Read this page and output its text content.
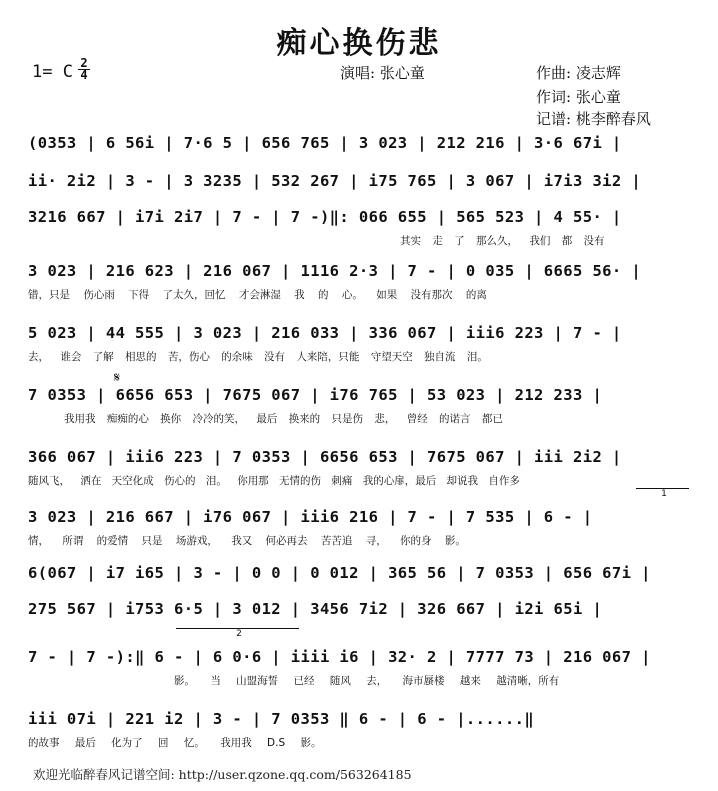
痴心换伤悲
1= C 2
4	演唱: 张心童	作曲: 凌志辉
作词: 张心童
记谱: 桃李醉春风
(0353 | 6 56i | 7·6 5 | 656 765 | 3 023 | 212 216 | 3·6 67i |
ii· 2i2 | 3 - | 3 3235 | 532 267 | i75 765 | 3 067 | i7i3 3i2 |
3216 667 | i7i 2i7 | 7 - | 7 -)‖: 066 655 | 565 523 | 4 55· |
其实 走 了 那么久， 我们 都 没有
3 023 | 216 623 | 216 067 | 1116 2·3 | 7 - | 0 035 | 6665 56· |
错，只是 伤心雨 下得 了太久，回忆 才会淋湿 我 的 心。 如果 没有那次 的离
5 023 | 44 555 | 3 023 | 216 033 | 336 067 | iii6 223 | 7 - |
去， 谁会 了解 相思的 苦，伤心 的余味 没有 人来陪，只能 守望天空 独自流 泪。
7 0353 | 6656 653 | 7675 067 | i76 765 | 53 023 | 212 233 |
我用我 痴痴的心 换你 冷冷的笑， 最后 换来的 只是伤 悲， 曾经 的诺言 都已
𝄋
366 067 | iii6 223 | 7 0353 | 6656 653 | 7675 067 | iii 2i2 |
随风飞， 洒在 天空化成 伤心的 泪。 你用那 无情的伤 刺痛 我的心扉，最后 却说我 自作多
1
3 023 | 216 667 | i76 067 | iii6 216 | 7 - | 7 535 | 6 - |
情， 所谓 的爱情 只是 场游戏， 我又 何必再去 苦苦追 寻， 你的身 影。
6(067 | i7 i65 | 3 - | 0 0 | 0 012 | 365 56 | 7 0353 | 656 67i |
275 567 | i753 6·5 | 3 012 | 3456 7i2 | 326 667 | i2i 65i |
2
7 - | 7 -):‖ 6 - | 6 0·6 | iiii i6 | 32· 2 | 7777 73 | 216 067 |
影。 当 山盟海誓 已经 随风 去， 海市蜃楼 越来 越清晰，所有
iii 07i | 221 i2 | 3 - | 7 0353 ‖ 6 - | 6 - |......‖
的故事 最后 化为了 回 忆。 我用我 D.S 影。
欢迎光临醉春风记谱空间: http://user.qzone.qq.com/563264185
